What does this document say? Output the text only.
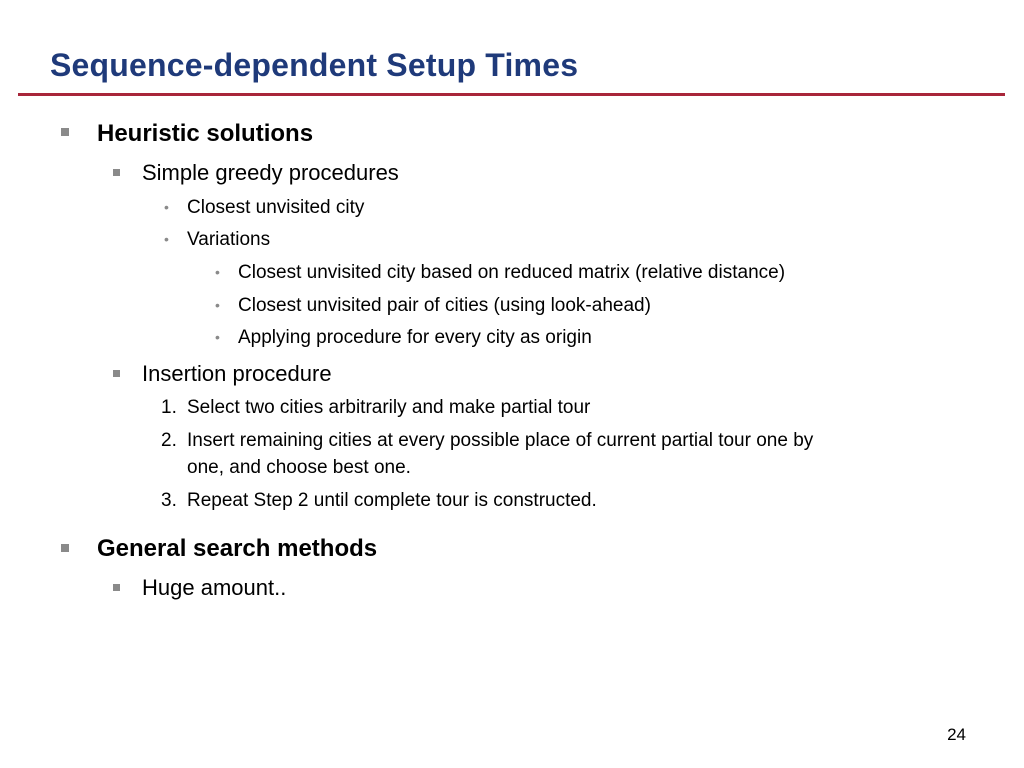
Sequence-dependent Setup Times
Heuristic solutions
Simple greedy procedures
• Closest unvisited city
• Variations
• Closest unvisited city based on reduced matrix (relative distance)
• Closest unvisited pair of cities (using look-ahead)
• Applying procedure for every city as origin
Insertion procedure
1. Select two cities arbitrarily and make partial tour
2. Insert remaining cities at every possible place of current partial tour one by
one, and choose best one.
3. Repeat Step 2 until complete tour is constructed.
General search methods
Huge amount..
24
